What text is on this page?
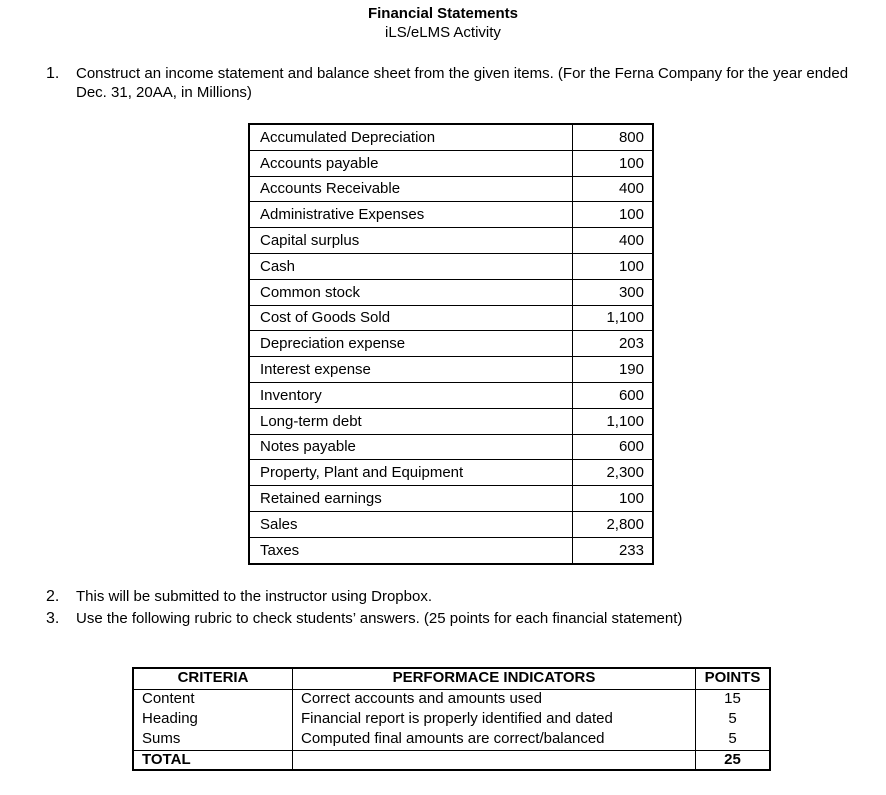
Financial Statements
iLS/eLMS Activity
1.	Construct an income statement and balance sheet from the given items. (For the Ferna Company for the year ended Dec. 31, 20AA, in Millions)
Accumulated Depreciation	800
Accounts payable	100
Accounts Receivable	400
Administrative Expenses	100
Capital surplus	400
Cash	100
Common stock	300
Cost of Goods Sold	1,100
Depreciation expense	203
Interest expense	190
Inventory	600
Long-term debt	1,100
Notes payable	600
Property, Plant and Equipment	2,300
Retained earnings	100
Sales	2,800
Taxes	233
2.	This will be submitted to the instructor using Dropbox.
3.	Use the following rubric to check students’ answers. (25 points for each financial statement)
CRITERIA	PERFORMACE INDICATORS	POINTS
Content	Correct accounts and amounts used	15
Heading	Financial report is properly identified and dated	5
Sums	Computed final amounts are correct/balanced	5
TOTAL		25
